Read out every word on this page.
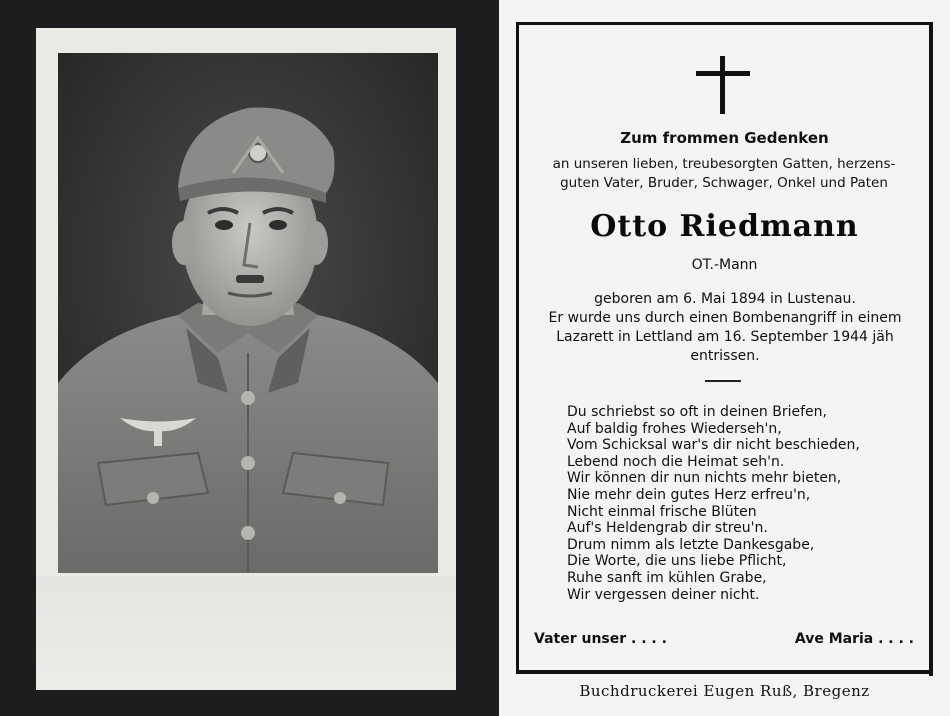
Zum frommen Gedenken
an unseren lieben, treubesorgten Gatten, herzens-
guten Vater, Bruder, Schwager, Onkel und Paten
Otto Riedmann
OT.-Mann
geboren am 6. Mai 1894 in Lustenau.
Er wurde uns durch einen Bombenangriff in einem
Lazarett in Lettland am 16. September 1944 jäh
entrissen.
Du schriebst so oft in deinen Briefen,
Auf baldig frohes Wiederseh'n,
Vom Schicksal war's dir nicht beschieden,
Lebend noch die Heimat seh'n.
Wir können dir nun nichts mehr bieten,
Nie mehr dein gutes Herz erfreu'n,
Nicht einmal frische Blüten
Auf's Heldengrab dir streu'n.
Drum nimm als letzte Dankesgabe,
Die Worte, die uns liebe Pflicht,
Ruhe sanft im kühlen Grabe,
Wir vergessen deiner nicht.
Vater unser . . . .	Ave Maria . . . .
Buchdruckerei Eugen Ruß, Bregenz
